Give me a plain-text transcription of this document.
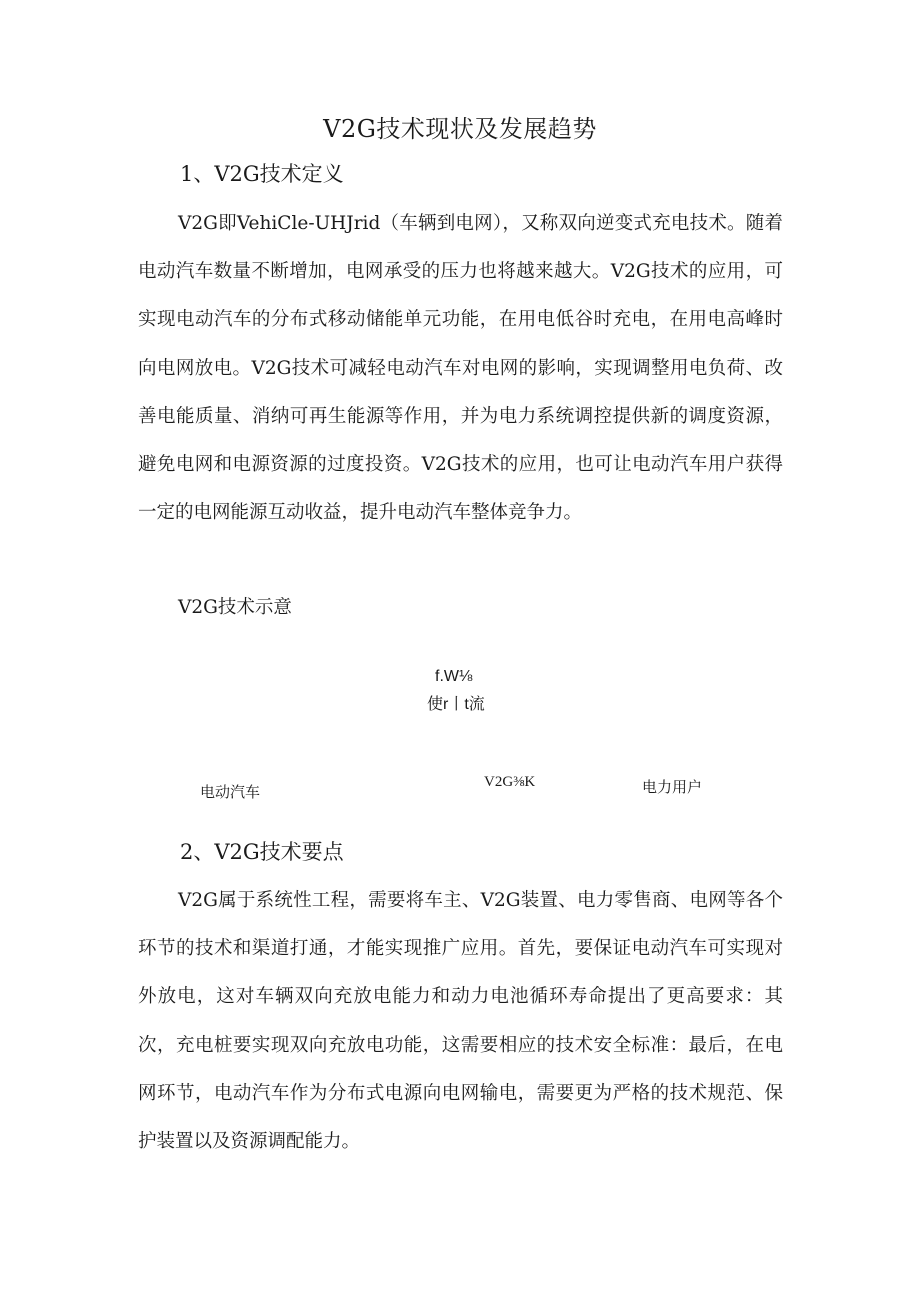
V2G技术现状及发展趋势
1、V2G技术定义

V2G即VehiCle-UHJrid（车辆到电网），又称双向逆变式充电技术。随着电动汽车数量不断增加，电网承受的压力也将越来越大。V2G技术的应用，可实现电动汽车的分布式移动储能单元功能，在用电低谷时充电，在用电高峰时向电网放电。V2G技术可减轻电动汽车对电网的影响，实现调整用电负荷、改善电能质量、消纳可再生能源等作用，并为电力系统调控提供新的调度资源，避免电网和电源资源的过度投资。V2G技术的应用，也可让电动汽车用户获得一定的电网能源互动收益，提升电动汽车整体竞争力。

V2G技术示意
f.W⅛
使r丨t流
电动汽车
V2G⅜K	电力用户
2、V2G技术要点

V2G属于系统性工程，需要将车主、V2G装置、电力零售商、电网等各个环节的技术和渠道打通，才能实现推广应用。首先，要保证电动汽车可实现对外放电，这对车辆双向充放电能力和动力电池循环寿命提出了更高要求：其次，充电桩要实现双向充放电功能，这需要相应的技术安全标准：最后，在电网环节，电动汽车作为分布式电源向电网输电，需要更为严格的技术规范、保护装置以及资源调配能力。
